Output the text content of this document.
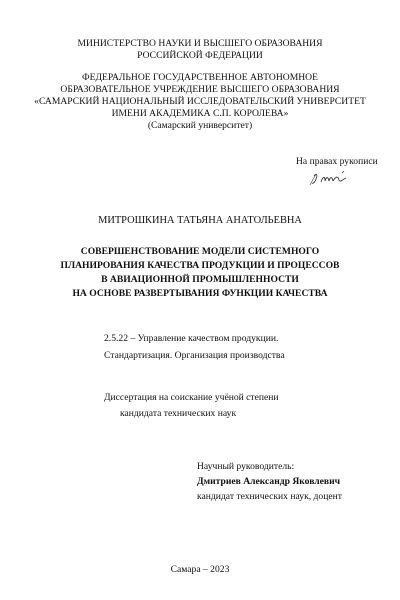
МИНИСТЕРСТВО НАУКИ И ВЫСШЕГО ОБРАЗОВАНИЯ
РОССИЙСКОЙ ФЕДЕРАЦИИ
ФЕДЕРАЛЬНОЕ ГОСУДАРСТВЕННОЕ АВТОНОМНОЕ
ОБРАЗОВАТЕЛЬНОЕ УЧРЕЖДЕНИЕ ВЫСШЕГО ОБРАЗОВАНИЯ
«САМАРСКИЙ НАЦИОНАЛЬНЫЙ ИССЛЕДОВАТЕЛЬСКИЙ УНИВЕРСИТЕТ
ИМЕНИ АКАДЕМИКА С.П. КОРОЛЕВА»
(Самарский университет)
На правах рукописи
МИТРОШКИНА ТАТЬЯНА АНАТОЛЬЕВНА
СОВЕРШЕНСТВОВАНИЕ МОДЕЛИ СИСТЕМНОГО
ПЛАНИРОВАНИЯ КАЧЕСТВА ПРОДУКЦИИ И ПРОЦЕССОВ
В АВИАЦИОННОЙ ПРОМЫШЛЕННОСТИ
НА ОСНОВЕ РАЗВЕРТЫВАНИЯ ФУНКЦИИ КАЧЕСТВА
2.5.22 – Управление качеством продукции.
Стандартизация. Организация производства
Диссертация на соискание учёной степени
кандидата технических наук
Научный руководитель:
Дмитриев Александр Яковлевич
кандидат технических наук, доцент
Самара – 2023
